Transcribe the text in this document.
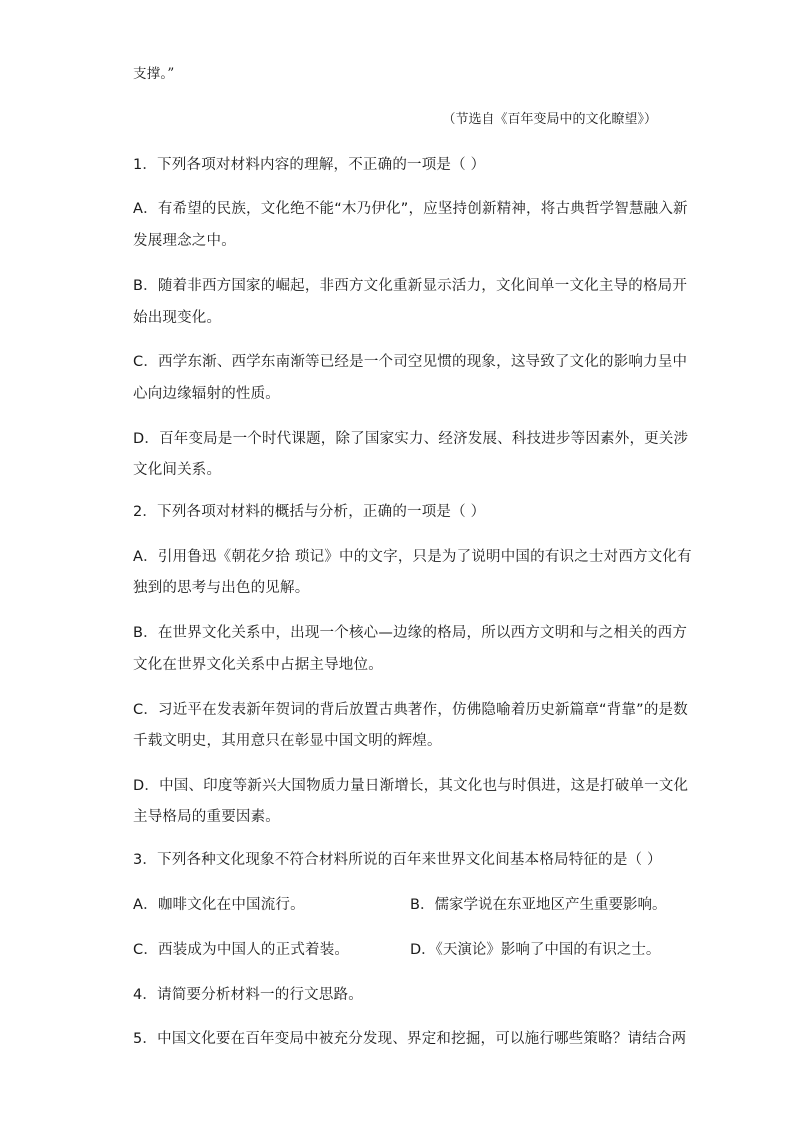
支撑。”
（节选自《百年变局中的文化瞭望》）
1．下列各项对材料内容的理解，不正确的一项是（ ）
A．有希望的民族，文化绝不能“木乃伊化”，应坚持创新精神，将古典哲学智慧融入新
发展理念之中。
B．随着非西方国家的崛起，非西方文化重新显示活力，文化间单一文化主导的格局开
始出现变化。
C．西学东渐、西学东南渐等已经是一个司空见惯的现象，这导致了文化的影响力呈中
心向边缘辐射的性质。
D．百年变局是一个时代课题，除了国家实力、经济发展、科技进步等因素外，更关涉
文化间关系。
2．下列各项对材料的概括与分析，正确的一项是（ ）
A．引用鲁迅《朝花夕拾 琐记》中的文字，只是为了说明中国的有识之士对西方文化有
独到的思考与出色的见解。
B．在世界文化关系中，出现一个核心—边缘的格局，所以西方文明和与之相关的西方
文化在世界文化关系中占据主导地位。
C．习近平在发表新年贺词的背后放置古典著作，仿佛隐喻着历史新篇章“背靠”的是数
千载文明史，其用意只在彰显中国文明的辉煌。
D．中国、印度等新兴大国物质力量日渐增长，其文化也与时俱进，这是打破单一文化
主导格局的重要因素。
3．下列各种文化现象不符合材料所说的百年来世界文化间基本格局特征的是（ ）
A．咖啡文化在中国流行。	B．儒家学说在东亚地区产生重要影响。
C．西装成为中国人的正式着装。	D．《天演论》影响了中国的有识之士。
4．请简要分析材料一的行文思路。
5．中国文化要在百年变局中被充分发现、界定和挖掘，可以施行哪些策略？请结合两
